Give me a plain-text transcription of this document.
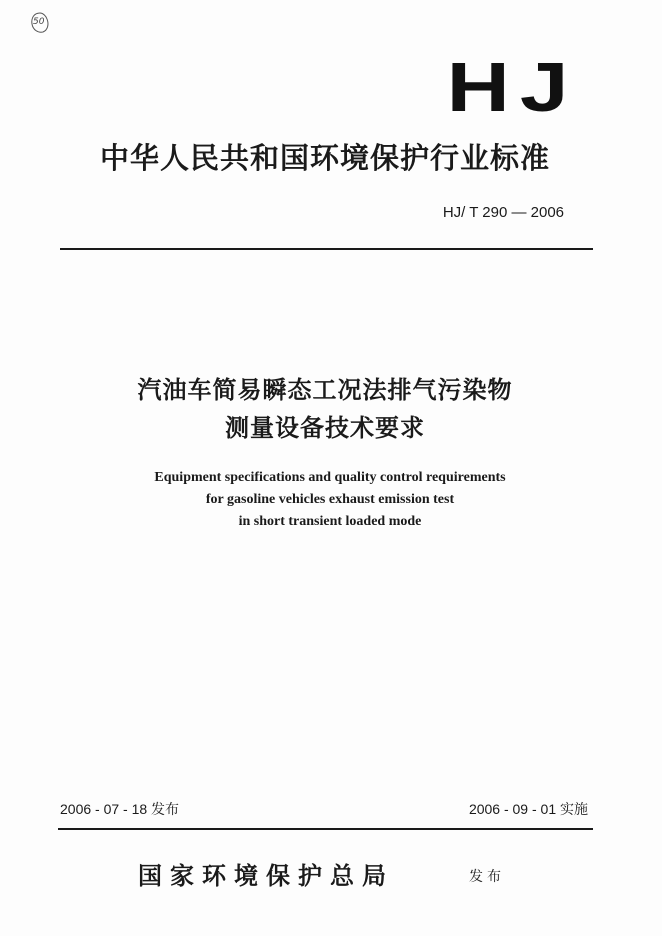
50
HJ
中华人民共和国环境保护行业标准
HJ/ T 290 — 2006
汽油车简易瞬态工况法排气污染物
测量设备技术要求
Equipment specifications and quality control requirements
for gasoline vehicles exhaust emission test
in short transient loaded mode
2006 - 07 - 18 发布	2006 - 09 - 01 实施
国家环境保护总局	发布
